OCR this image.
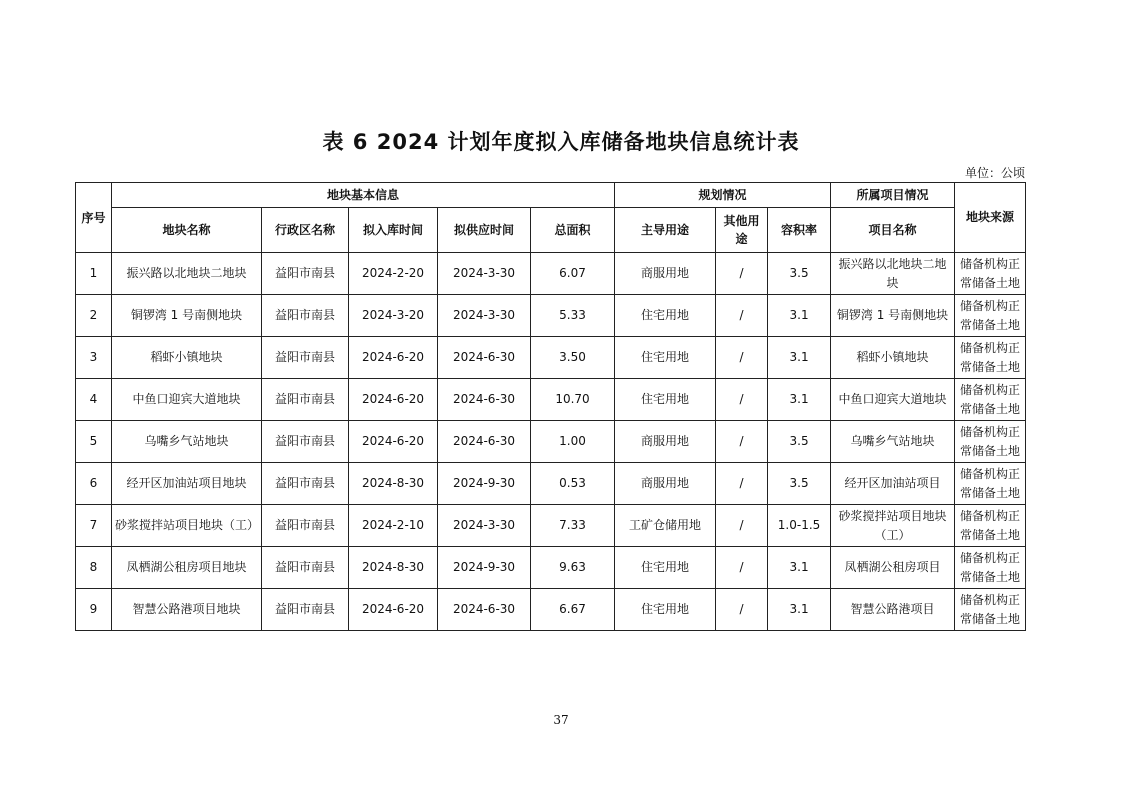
表 6 2024 计划年度拟入库储备地块信息统计表
单位：公顷
序号	地块基本信息					规划情况			所属项目情况	地块来源
	地块名称	行政区名称	拟入库时间	拟供应时间	总面积	主导用途	其他用途	容积率	项目名称	
1	振兴路以北地块二地块	益阳市南县	2024-2-20	2024-3-30	6.07	商服用地	/	3.5	振兴路以北地块二地块	储备机构正常储备土地
2	铜锣湾 1 号南侧地块	益阳市南县	2024-3-20	2024-3-30	5.33	住宅用地	/	3.1	铜锣湾 1 号南侧地块	储备机构正常储备土地
3	稻虾小镇地块	益阳市南县	2024-6-20	2024-6-30	3.50	住宅用地	/	3.1	稻虾小镇地块	储备机构正常储备土地
4	中鱼口迎宾大道地块	益阳市南县	2024-6-20	2024-6-30	10.70	住宅用地	/	3.1	中鱼口迎宾大道地块	储备机构正常储备土地
5	乌嘴乡气站地块	益阳市南县	2024-6-20	2024-6-30	1.00	商服用地	/	3.5	乌嘴乡气站地块	储备机构正常储备土地
6	经开区加油站项目地块	益阳市南县	2024-8-30	2024-9-30	0.53	商服用地	/	3.5	经开区加油站项目	储备机构正常储备土地
7	砂浆搅拌站项目地块（工）	益阳市南县	2024-2-10	2024-3-30	7.33	工矿仓储用地	/	1.0-1.5	砂浆搅拌站项目地块（工）	储备机构正常储备土地
8	凤栖湖公租房项目地块	益阳市南县	2024-8-30	2024-9-30	9.63	住宅用地	/	3.1	凤栖湖公租房项目	储备机构正常储备土地
9	智慧公路港项目地块	益阳市南县	2024-6-20	2024-6-30	6.67	住宅用地	/	3.1	智慧公路港项目	储备机构正常储备土地
37
